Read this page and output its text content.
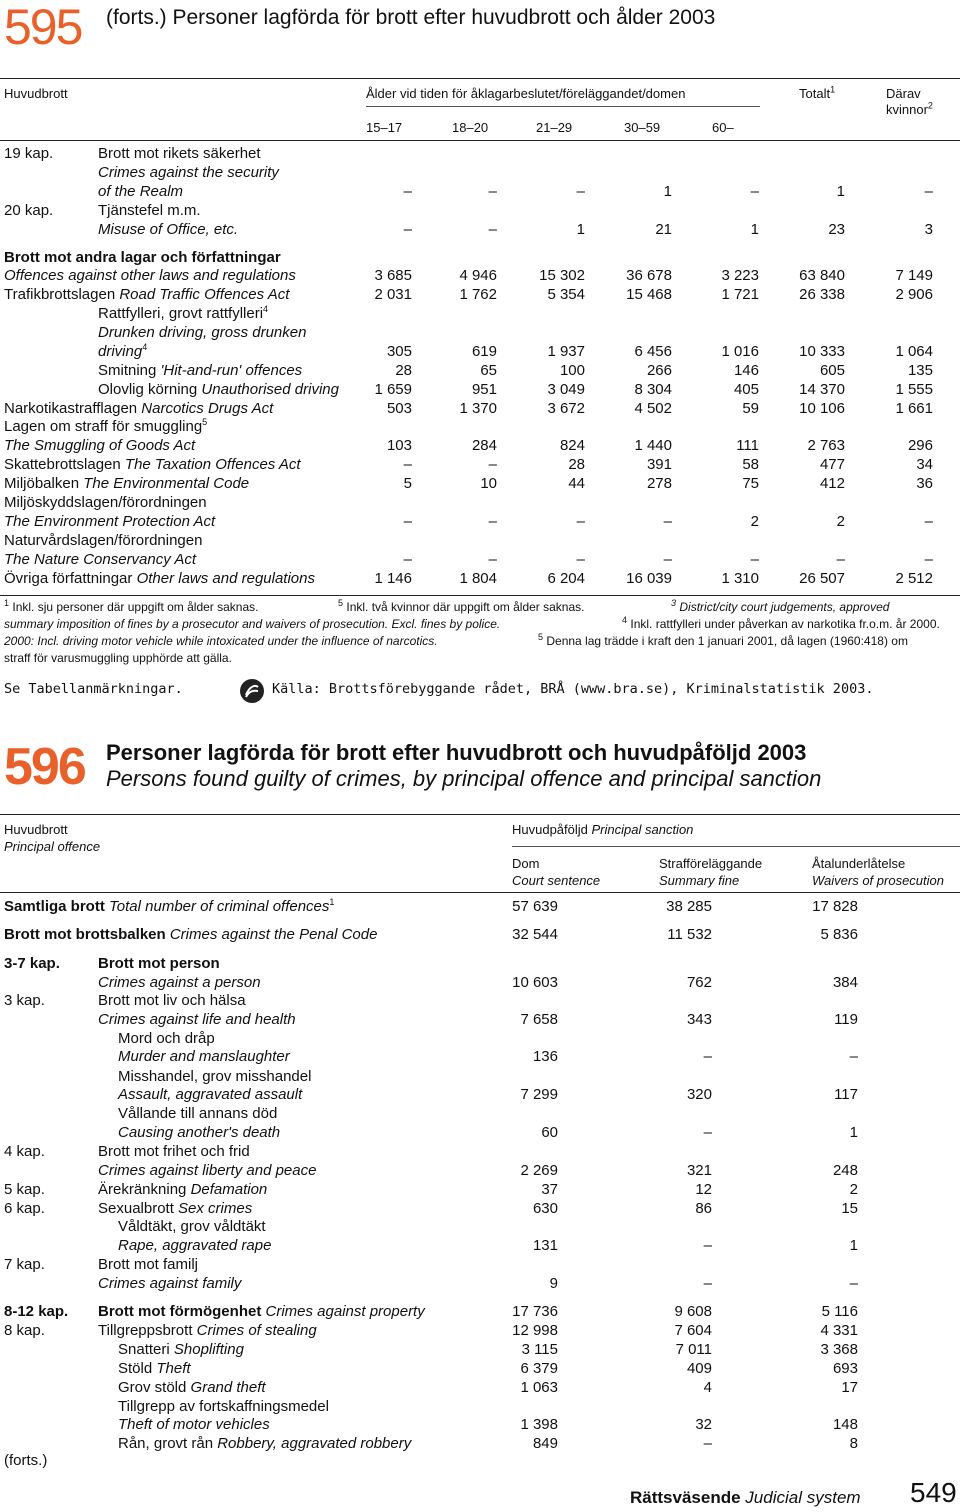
595 (forts.) Personer lagförda för brott efter huvudbrott och ålder 2003
Huvudbrott	Ålder vid tiden för åklagarbeslutet/föreläggandet/domen	Totalt$^1$	Därav
kvinnor$^2$
15–17	18–20	21–29	30–59	60–
19 kap.	Brott mot rikets säkerhet
Crimes against the security
of the Realm	–	–	–	1	–	1	–
20 kap.	Tjänstefel m.m.
Misuse of Office, etc.	–	–	1	21	1	23	3
Brott mot andra lagar och författningar
Offences against other laws and regulations	3 685	4 946	15 302	36 678	3 223	63 840	7 149
Trafikbrottslagen Road Traffic Offences Act	2 031	1 762	5 354	15 468	1 721	26 338	2 906
Rattfylleri, grovt rattfylleri$^4$
Drunken driving, gross drunken
driving$^4$	305	619	1 937	6 456	1 016	10 333	1 064
Smitning 'Hit-and-run' offences	28	65	100	266	146	605	135
Olovlig körning Unauthorised driving 1 659	951	3 049	8 304	405	14 370	1 555
Narkotikastrafflagen Narcotics Drugs Act	503	1 370	3 672	4 502	59	10 106	1 661
Lagen om straff för smuggling$^5$
The Smuggling of Goods Act	103	284	824	1 440	111	2 763	296
Skattebrottslagen The Taxation Offences Act	–	–	28	391	58	477	34
Miljöbalken The Environmental Code	5	10	44	278	75	412	36
Miljöskyddslagen/förordningen
The Environment Protection Act	–	–	–	–	2	2	–
Naturvårdslagen/förordningen
The Nature Conservancy Act	–	–	–	–	–	–	–
Övriga författningar Other laws and regulations	1 146	1 804	6 204	16 039	1 310	26 507	2 512
$^1$ Inkl. sju personer där uppgift om ålder saknas.	$^5$ Inkl. två kvinnor där uppgift om ålder saknas.	$^3$ District/city court judgements, approved
summary imposition of fines by a prosecutor and waivers of prosecution. Excl. fines by police.	$^4$ Inkl. rattfylleri under påverkan av narkotika fr.o.m. år 2000.
2000: Incl. driving motor vehicle while intoxicated under the influence of narcotics.	$^5$ Denna lag trädde i kraft den 1 januari 2001, då lagen (1960:418) om
straff för varusmuggling upphörde att gälla.
Se Tabellanmärkningar.	Källa: Brottsförebyggande rådet, BRÅ (www.bra.se), Kriminalstatistik 2003.
596 Personer lagförda för brott efter huvudbrott och huvudpåföljd 2003
Persons found guilty of crimes, by principal offence and principal sanction
Huvudbrott
Principal offence
Huvudpåföljd Principal sanction
Dom
Court sentence
Strafföreläggande
Summary fine
Åtalunderlåtelse
Waivers of prosecution
Samtliga brott Total number of criminal offences$^1$	57 639	38 285	17 828
Brott mot brottsbalken Crimes against the Penal Code	32 544	11 532	5 836
3-7 kap.	Brott mot person
Crimes against a person	10 603	762	384
3 kap.	Brott mot liv och hälsa
Crimes against life and health	7 658	343	119
Mord och dråp
Murder and manslaughter	136	–	–
Misshandel, grov misshandel
Assault, aggravated assault	7 299	320	117
Vållande till annans död
Causing another's death	60	–	1
4 kap.	Brott mot frihet och frid
Crimes against liberty and peace	2 269	321	248
5 kap.	Ärekränkning Defamation	37	12	2
6 kap.	Sexualbrott Sex crimes	630	86	15
Våldtäkt, grov våldtäkt
Rape, aggravated rape	131	–	1
7 kap.	Brott mot familj
Crimes against family	9	–	–
8-12 kap. Brott mot förmögenhet Crimes against property	17 736	9 608	5 116
8 kap.	Tillgreppsbrott Crimes of stealing	12 998	7 604	4 331
Snatteri Shoplifting	3 115	7 011	3 368
Stöld Theft	6 379	409	693
Grov stöld Grand theft	1 063	4	17
Tillgrepp av fortskaffningsmedel
Theft of motor vehicles	1 398	32	148
Rån, grovt rån Robbery, aggravated robbery	849	–	8
(forts.)
Rättsväsende Judicial system 549
